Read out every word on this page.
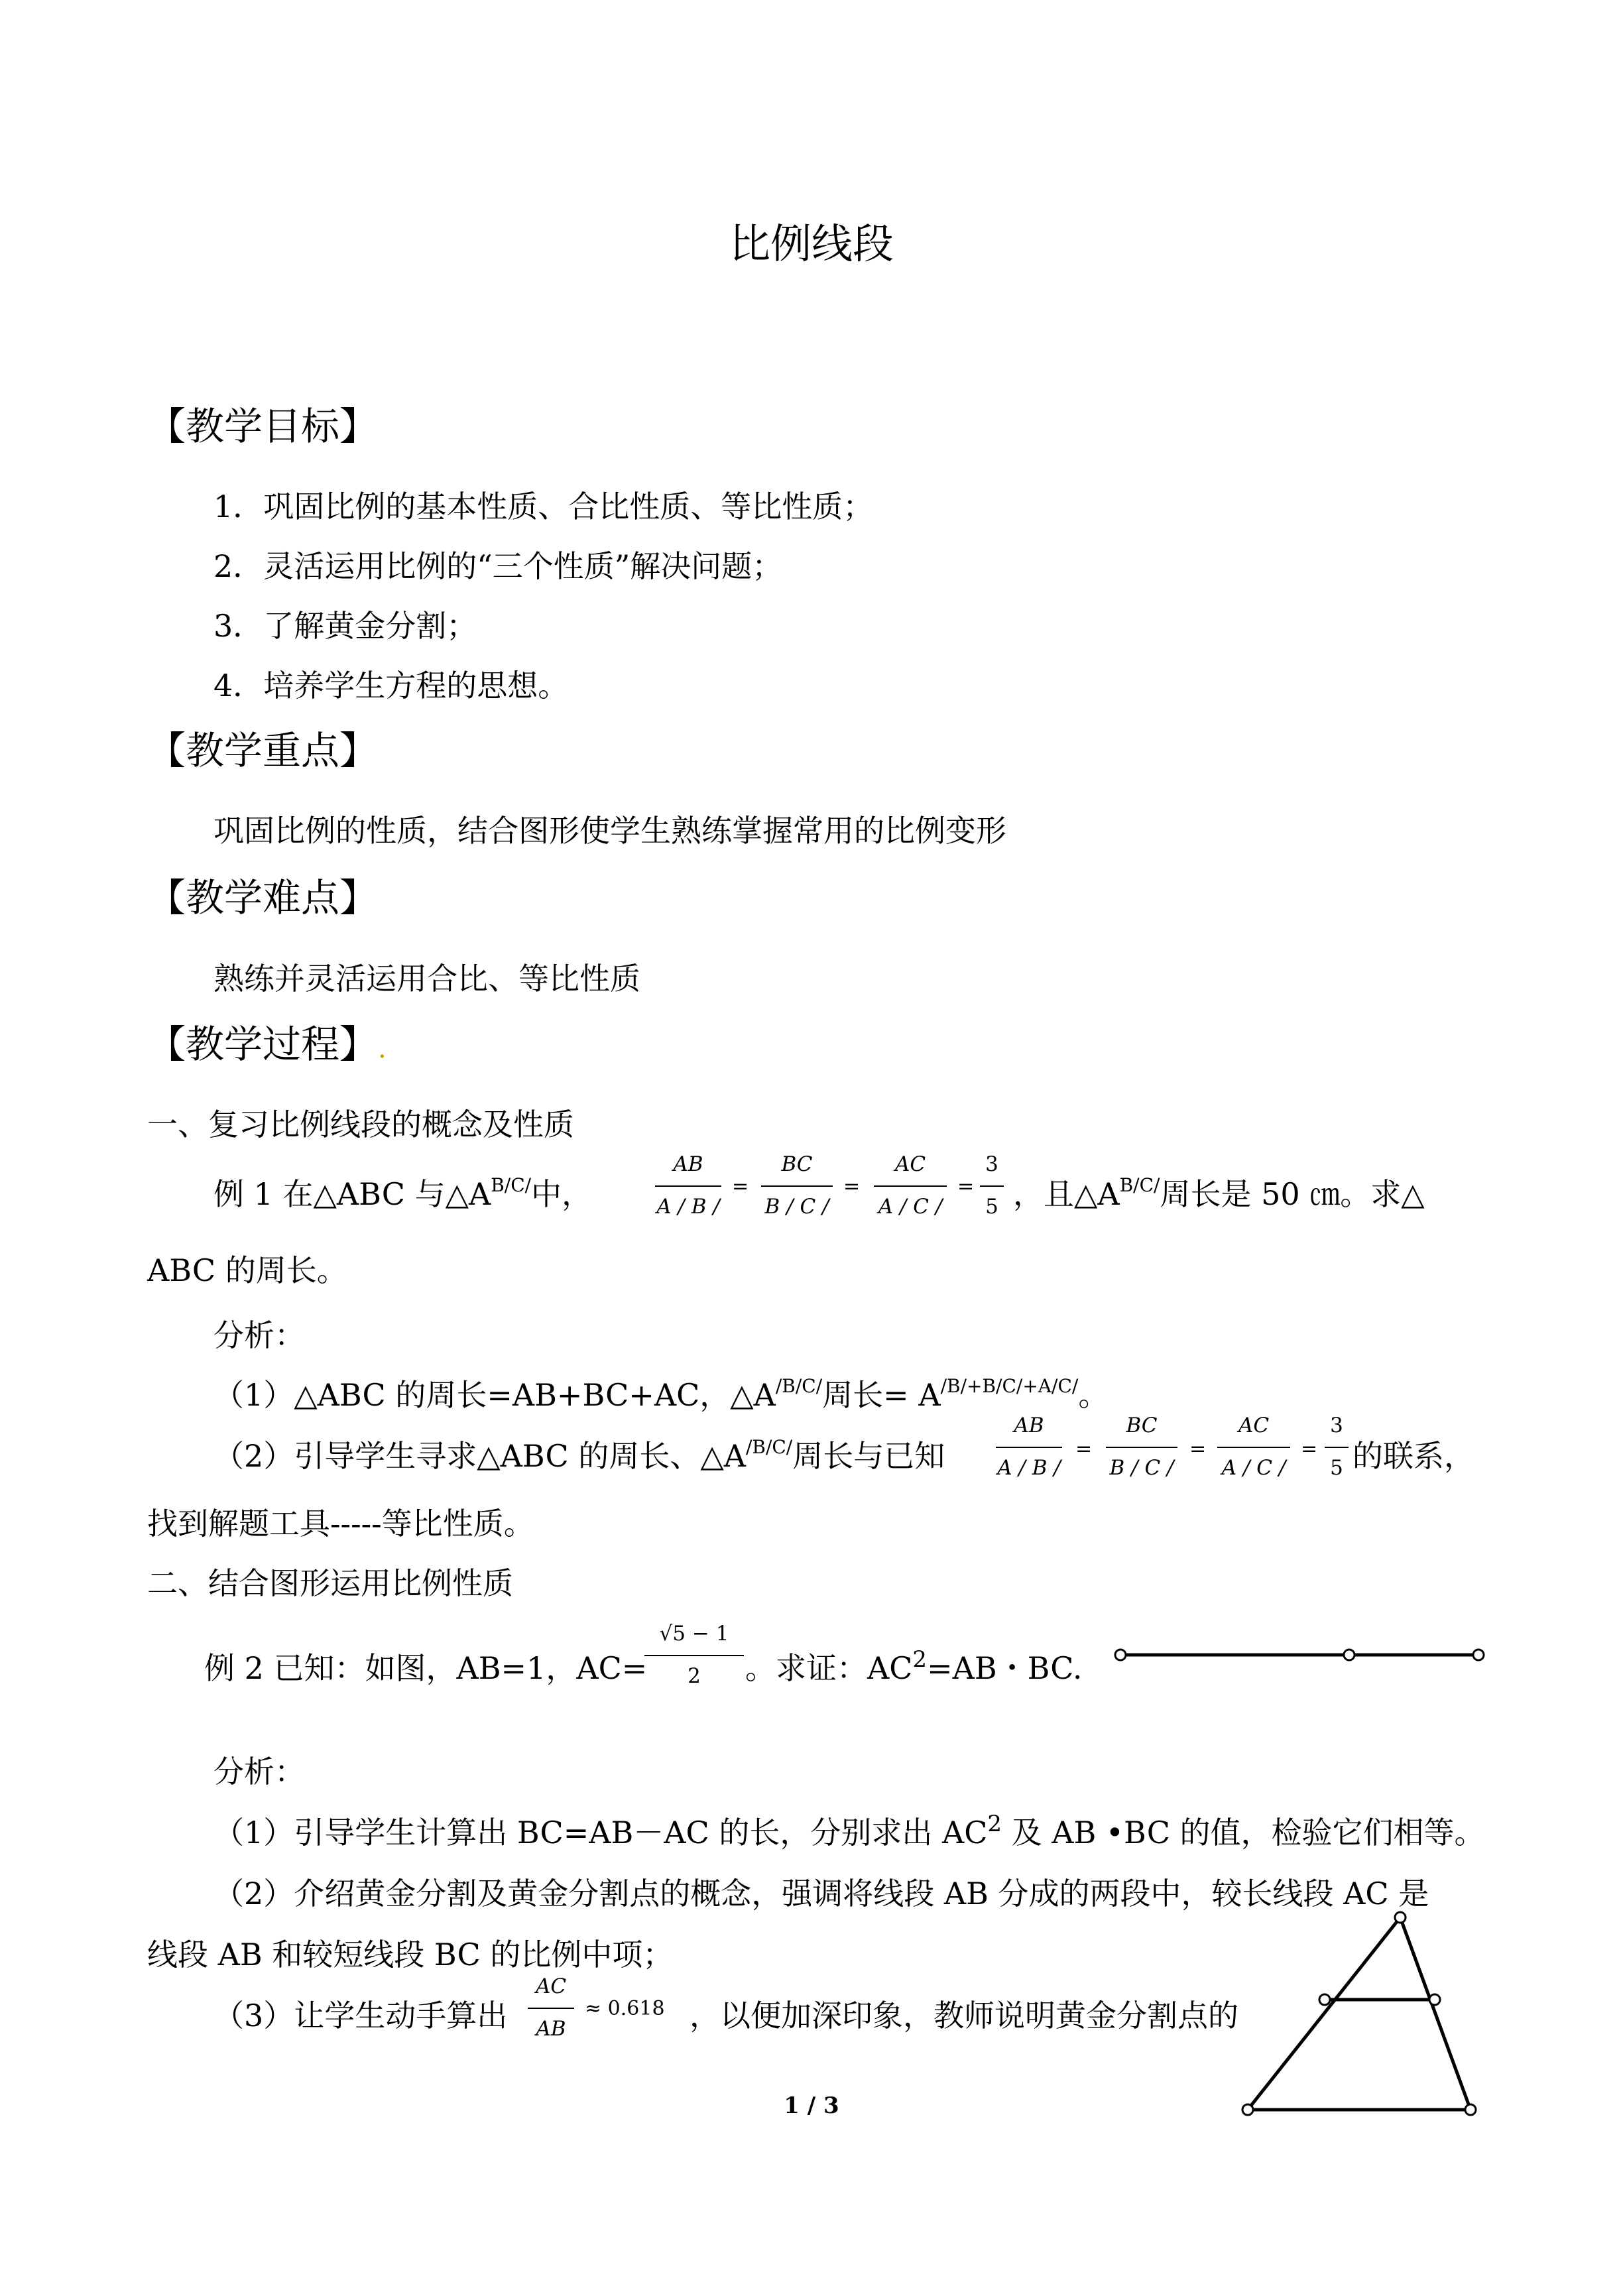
比例线段
【教学目标】
1．巩固比例的基本性质、合比性质、等比性质；
2．灵活运用比例的“三个性质”解决问题；
3．了解黄金分割；
4．培养学生方程的思想。
【教学重点】
巩固比例的性质，结合图形使学生熟练掌握常用的比例变形
【教学难点】
熟练并灵活运用合比、等比性质
【教学过程】.
一、复习比例线段的概念及性质
例 1 在△ABC 与$\triangle A^{B/C/}$中，
AB
A / B /
=
BC
B / C /
=
AC
A / C /
=
3
5 ，且$\triangle A^{B/C/}$周长是 50 ㎝。求△
ABC 的周长。
分析：
（1）△ABC 的周长=AB+BC+AC，$\triangle A^{/B/C/}$周长= $A^{/B/+B/C/+A/C/}$。
（2）引导学生寻求△ABC 的周长、$\triangle A^{/B/C/}$周长与已知
AB
A / B /
=
BC
B / C /
=
AC
A / C /
=
3
5 的联系，
找到解题工具-----等比性质。
二、结合图形运用比例性质
例 2 已知：如图，AB=1，AC=
√5 − 1
2	。求证：$AC^2=AB$・BC.
分析：
（1）引导学生计算出 BC=AB－AC 的长，分别求出 $AC^2$ 及 AB •BC 的值，检验它们相等。
（2）介绍黄金分割及黄金分割点的概念，强调将线段 AB 分成的两段中，较长线段 AC 是
线段 AB 和较短线段 BC 的比例中项；
（3）让学生动手算出
AC
AB
≈ 0.618 ，以便加深印象，教师说明黄金分割点的
1 / 3
